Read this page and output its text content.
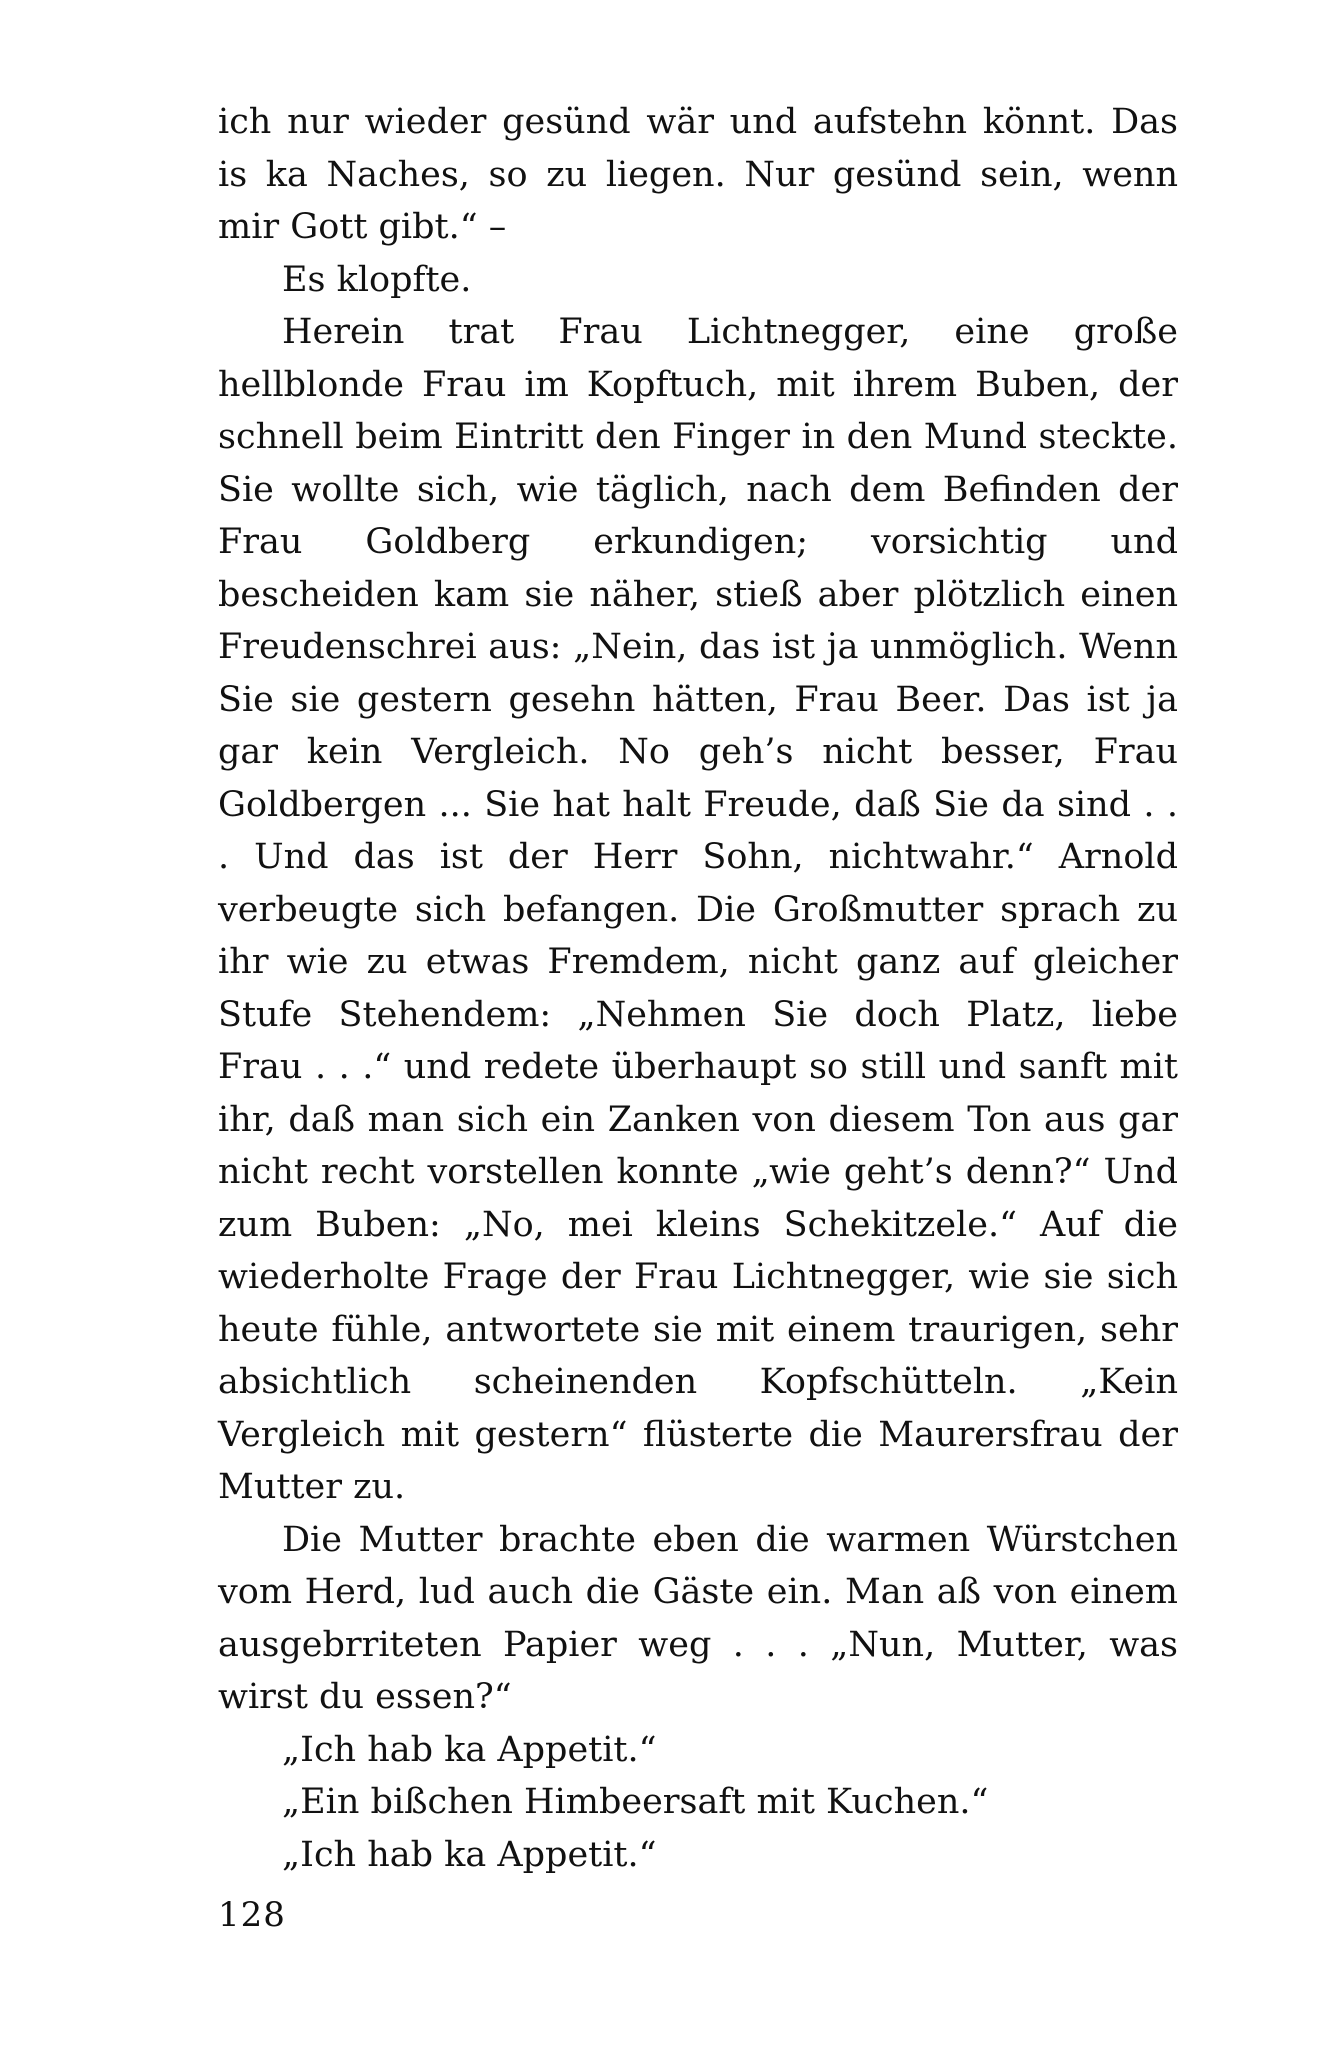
ich nur wieder gesünd wär und aufstehn könnt. Das is ka Naches, so zu liegen. Nur gesünd sein, wenn mir Gott gibt.“ –

Es klopfte.

Herein trat Frau Lichtnegger, eine große hellblonde Frau im Kopftuch, mit ihrem Buben, der schnell beim Eintritt den Finger in den Mund steckte. Sie wollte sich, wie täglich, nach dem Befinden der Frau Goldberg erkundigen; vorsichtig und bescheiden kam sie näher, stieß aber plötzlich einen Freudenschrei aus: „Nein, das ist ja unmöglich. Wenn Sie sie gestern gesehn hätten, Frau Beer. Das ist ja gar kein Vergleich. No geh’s nicht besser, Frau Goldbergen ... Sie hat halt Freude, daß Sie da sind . . . Und das ist der Herr Sohn, nichtwahr.“ Arnold verbeugte sich befangen. Die Großmutter sprach zu ihr wie zu etwas Fremdem, nicht ganz auf gleicher Stufe Stehendem: „Nehmen Sie doch Platz, liebe Frau . . .“ und redete überhaupt so still und sanft mit ihr, daß man sich ein Zanken von diesem Ton aus gar nicht recht vorstellen konnte „wie geht’s denn?“ Und zum Buben: „No, mei kleins Schekitzele.“ Auf die wiederholte Frage der Frau Lichtnegger, wie sie sich heute fühle, antwortete sie mit einem traurigen, sehr absichtlich scheinenden Kopfschütteln. „Kein Vergleich mit gestern“ flüsterte die Maurersfrau der Mutter zu.

Die Mutter brachte eben die warmen Würstchen vom Herd, lud auch die Gäste ein. Man aß von einem ausgebrriteten Papier weg . . . „Nun, Mutter, was wirst du essen?“

„Ich hab ka Appetit.“

„Ein bißchen Himbeersaft mit Kuchen.“

„Ich hab ka Appetit.“

128
